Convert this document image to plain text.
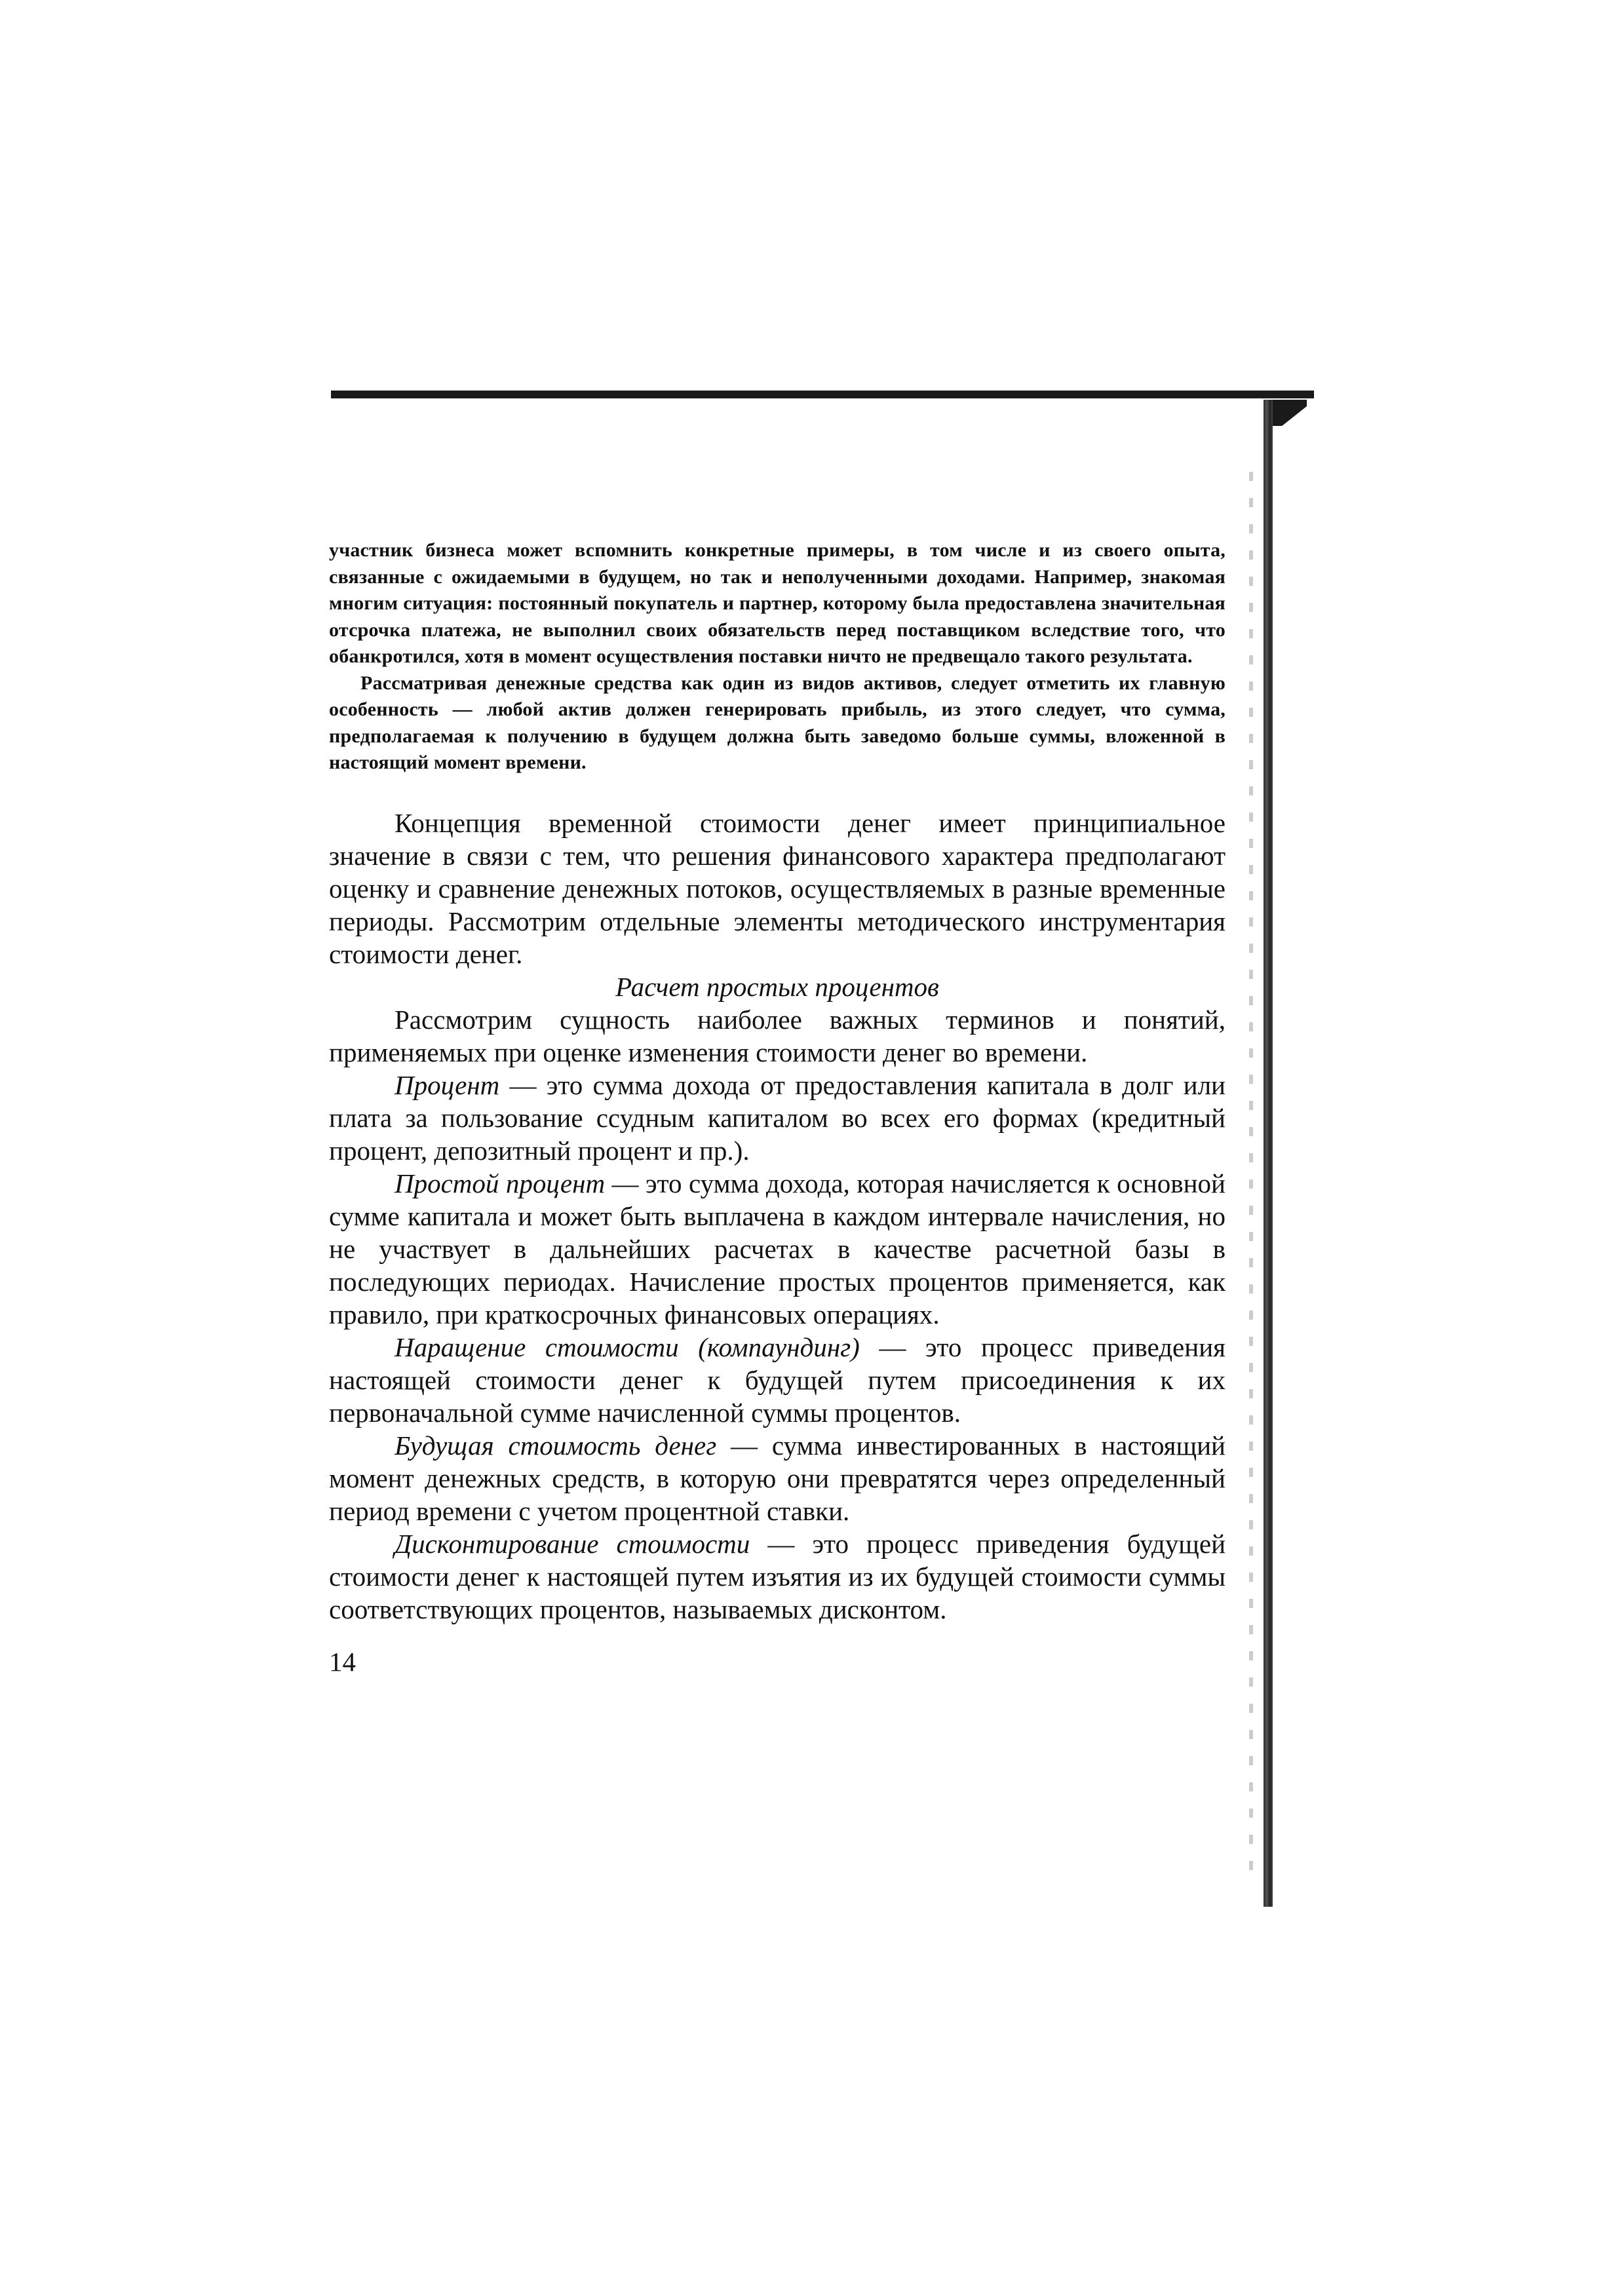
участник бизнеса может вспомнить конкретные примеры, в том числе и из своего опыта, связанные с ожидаемыми в будущем, но так и неполученными доходами. Например, знакомая многим ситуация: постоянный покупатель и партнер, которому была предоставлена значительная отсрочка платежа, не выполнил своих обязательств перед поставщиком вследствие того, что обанкротился, хотя в момент осуществления поставки ничто не предвещало такого результата.

Рассматривая денежные средства как один из видов активов, следует отметить их главную особенность — любой актив должен генерировать прибыль, из этого следует, что сумма, предполагаемая к получению в будущем должна быть заведомо больше суммы, вложенной в настоящий момент времени.

Концепция временной стоимости денег имеет принципиальное значение в связи с тем, что решения финансового характера предполагают оценку и сравнение денежных потоков, осуществляемых в разные временные периоды. Рассмотрим отдельные элементы методического инструментария стоимости денег.

Расчет простых процентов

Рассмотрим сущность наиболее важных терминов и понятий, применяемых при оценке изменения стоимости денег во времени.

Процент — это сумма дохода от предоставления капитала в долг или плата за пользование ссудным капиталом во всех его формах (кредитный процент, депозитный процент и пр.).

Простой процент — это сумма дохода, которая начисляется к основной сумме капитала и может быть выплачена в каждом интервале начисления, но не участвует в дальнейших расчетах в качестве расчетной базы в последующих периодах. Начисление простых процентов применяется, как правило, при краткосрочных финансовых операциях.

Наращение стоимости (компаундинг) — это процесс приведения настоящей стоимости денег к будущей путем присоединения к их первоначальной сумме начисленной суммы процентов.

Будущая стоимость денег — сумма инвестированных в настоящий момент денежных средств, в которую они превратятся через определенный период времени с учетом процентной ставки.

Дисконтирование стоимости — это процесс приведения будущей стоимости денег к настоящей путем изъятия из их будущей стоимости суммы соответствующих процентов, называемых дисконтом.

14
